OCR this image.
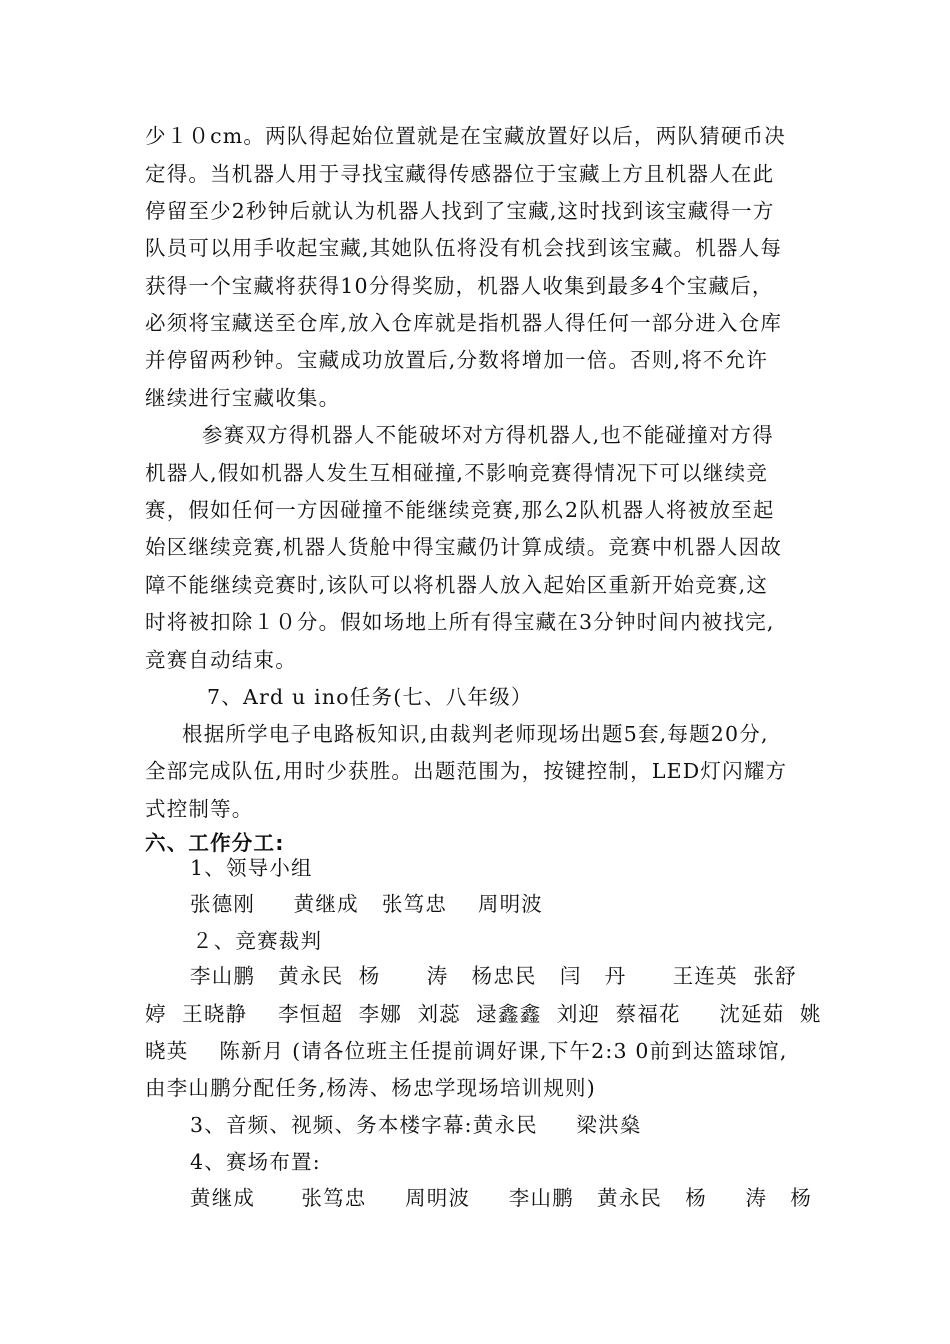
少１０cm。两队得起始位置就是在宝藏放置好以后，两队猜硬币决
定得。当机器人用于寻找宝藏得传感器位于宝藏上方且机器人在此
停留至少2秒钟后就认为机器人找到了宝藏,这时找到该宝藏得一方
队员可以用手收起宝藏,其她队伍将没有机会找到该宝藏。机器人每
获得一个宝藏将获得10分得奖励，机器人收集到最多4个宝藏后，
必须将宝藏送至仓库,放入仓库就是指机器人得任何一部分进入仓库
并停留两秒钟。宝藏成功放置后,分数将增加一倍。否则,将不允许
继续进行宝藏收集。
参赛双方得机器人不能破坏对方得机器人,也不能碰撞对方得
机器人,假如机器人发生互相碰撞,不影响竞赛得情况下可以继续竞
赛，假如任何一方因碰撞不能继续竞赛,那么2队机器人将被放至起
始区继续竞赛,机器人货舱中得宝藏仍计算成绩。竞赛中机器人因故
障不能继续竞赛时,该队可以将机器人放入起始区重新开始竞赛,这
时将被扣除１０分。假如场地上所有得宝藏在3分钟时间内被找完,
竞赛自动结束。
7、Ard u ino任务(七、八年级）
根据所学电子电路板知识,由裁判老师现场出题5套,每题20分,
全部完成队伍,用时少获胜。出题范围为，按键控制，LED灯闪耀方
式控制等。
六、工作分工:
1、领导小组
张德刚     黄继成   张笃忠    周明波
２、竞赛裁判
李山鹏   黄永民  杨      涛   杨忠民   闫   丹      王连英  张舒
婷  王晓静    李恒超  李娜  刘蕊  逯鑫鑫  刘迎  蔡福花     沈延茹  姚
晓英    陈新月 (请各位班主任提前调好课,下午2:3 0前到达篮球馆,
由李山鹏分配任务,杨涛、杨忠学现场培训规则)
3、音频、视频、务本楼字幕:黄永民     梁洪燊
4、赛场布置:
黄继成      张笃忠     周明波     李山鹏   黄永民   杨     涛   杨
